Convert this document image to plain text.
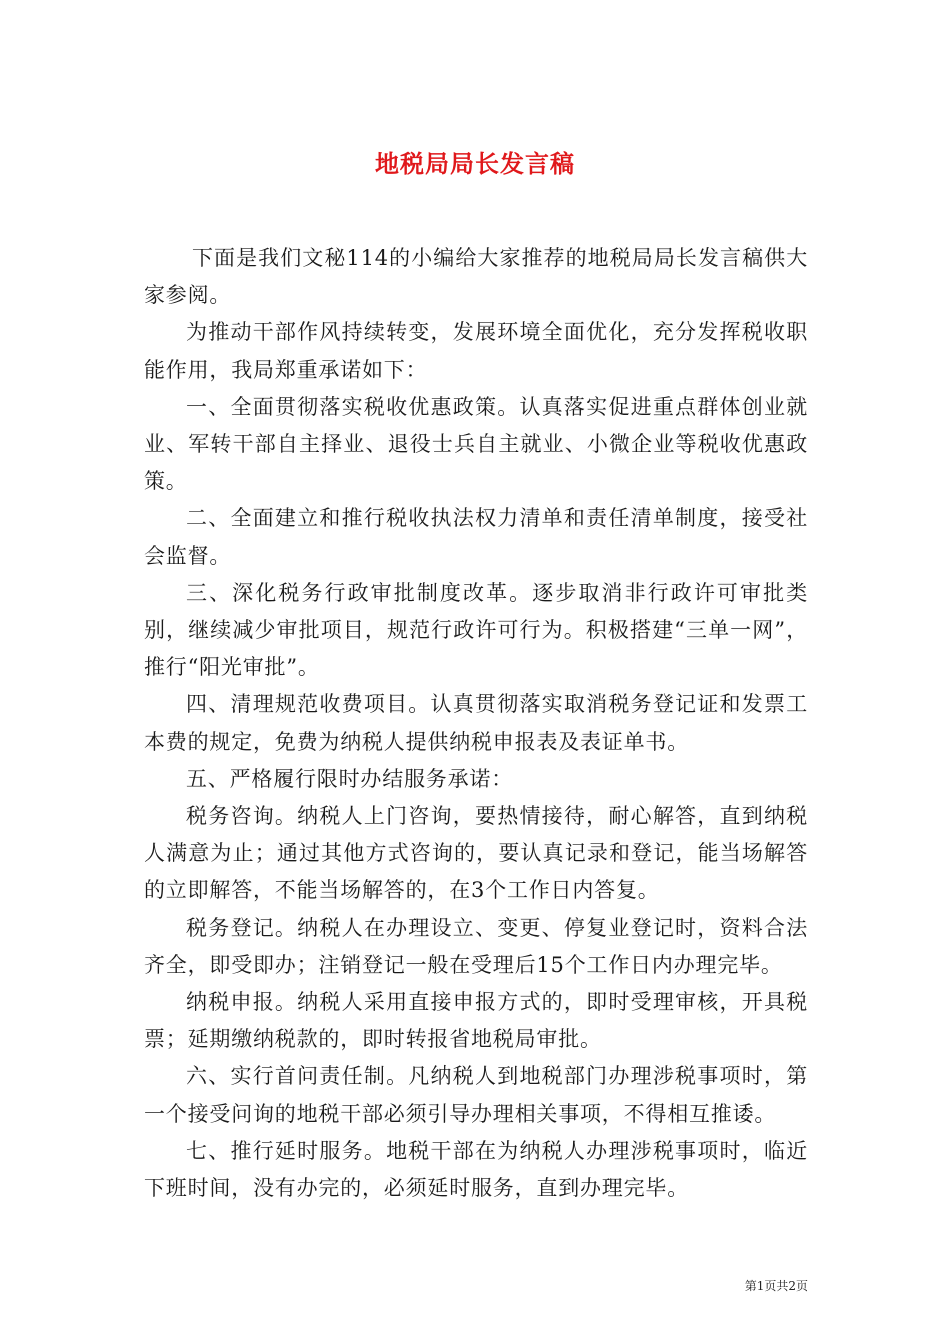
地税局局长发言稿

下面是我们文秘114的小编给大家推荐的地税局局长发言稿供大家参阅。

为推动干部作风持续转变，发展环境全面优化，充分发挥税收职能作用，我局郑重承诺如下：

一、全面贯彻落实税收优惠政策。认真落实促进重点群体创业就业、军转干部自主择业、退役士兵自主就业、小微企业等税收优惠政策。

二、全面建立和推行税收执法权力清单和责任清单制度，接受社会监督。

三、深化税务行政审批制度改革。逐步取消非行政许可审批类别，继续减少审批项目，规范行政许可行为。积极搭建“三单一网”，推行“阳光审批”。

四、清理规范收费项目。认真贯彻落实取消税务登记证和发票工本费的规定，免费为纳税人提供纳税申报表及表证单书。

五、严格履行限时办结服务承诺：

税务咨询。纳税人上门咨询，要热情接待，耐心解答，直到纳税人满意为止；通过其他方式咨询的，要认真记录和登记，能当场解答的立即解答，不能当场解答的，在3个工作日内答复。

税务登记。纳税人在办理设立、变更、停复业登记时，资料合法齐全，即受即办；注销登记一般在受理后15个工作日内办理完毕。

纳税申报。纳税人采用直接申报方式的，即时受理审核，开具税票；延期缴纳税款的，即时转报省地税局审批。

六、实行首问责任制。凡纳税人到地税部门办理涉税事项时，第一个接受问询的地税干部必须引导办理相关事项，不得相互推诿。

七、推行延时服务。地税干部在为纳税人办理涉税事项时，临近下班时间，没有办完的，必须延时服务，直到办理完毕。

第1页共2页
